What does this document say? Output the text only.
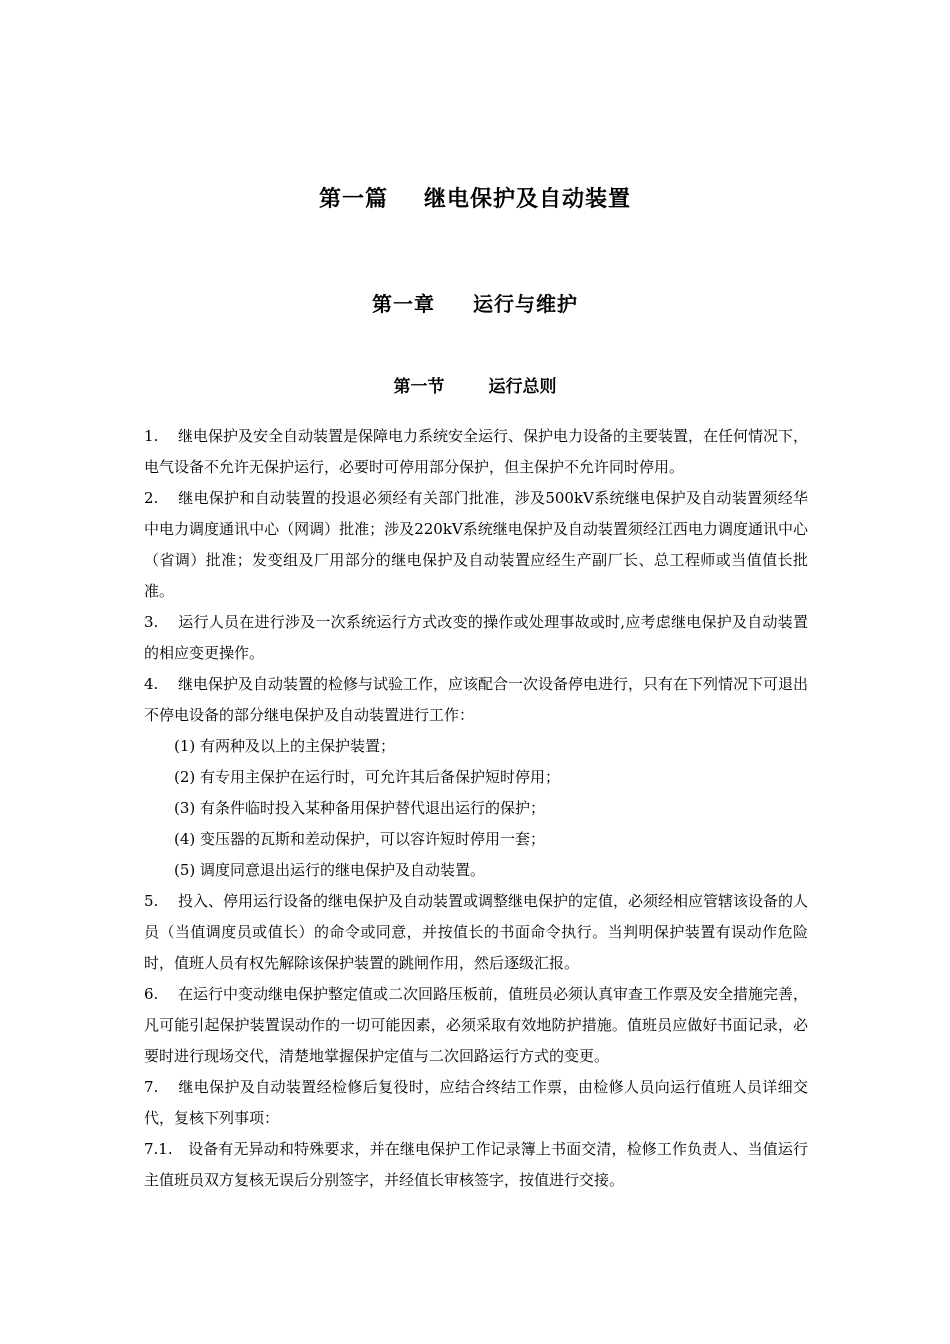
第一篇 继电保护及自动装置
第一章 运行与维护
第一节	运行总则

1. 继电保护及安全自动装置是保障电力系统安全运行、保护电力设备的主要装置，在任何情况下，电气设备不允许无保护运行，必要时可停用部分保护，但主保护不允许同时停用。

2. 继电保护和自动装置的投退必须经有关部门批准，涉及500kV系统继电保护及自动装置须经华中电力调度通讯中心（网调）批准；涉及220kV系统继电保护及自动装置须经江西电力调度通讯中心（省调）批准；发变组及厂用部分的继电保护及自动装置应经生产副厂长、总工程师或当值值长批准。

3. 运行人员在进行涉及一次系统运行方式改变的操作或处理事故或时,应考虑继电保护及自动装置的相应变更操作。

4. 继电保护及自动装置的检修与试验工作，应该配合一次设备停电进行，只有在下列情况下可退出不停电设备的部分继电保护及自动装置进行工作：

(1) 有两种及以上的主保护装置；

(2) 有专用主保护在运行时，可允许其后备保护短时停用；

(3) 有条件临时投入某种备用保护替代退出运行的保护；

(4) 变压器的瓦斯和差动保护，可以容许短时停用一套；

(5) 调度同意退出运行的继电保护及自动装置。

5. 投入、停用运行设备的继电保护及自动装置或调整继电保护的定值，必须经相应管辖该设备的人员（当值调度员或值长）的命令或同意，并按值长的书面命令执行。当判明保护装置有误动作危险时，值班人员有权先解除该保护装置的跳闸作用，然后逐级汇报。

6. 在运行中变动继电保护整定值或二次回路压板前，值班员必须认真审查工作票及安全措施完善，凡可能引起保护装置误动作的一切可能因素，必须采取有效地防护措施。值班员应做好书面记录，必要时进行现场交代，清楚地掌握保护定值与二次回路运行方式的变更。

7. 继电保护及自动装置经检修后复役时，应结合终结工作票，由检修人员向运行值班人员详细交代，复核下列事项：

7.1. 设备有无异动和特殊要求，并在继电保护工作记录簿上书面交清，检修工作负责人、当值运行主值班员双方复核无误后分别签字，并经值长审核签字，按值进行交接。
